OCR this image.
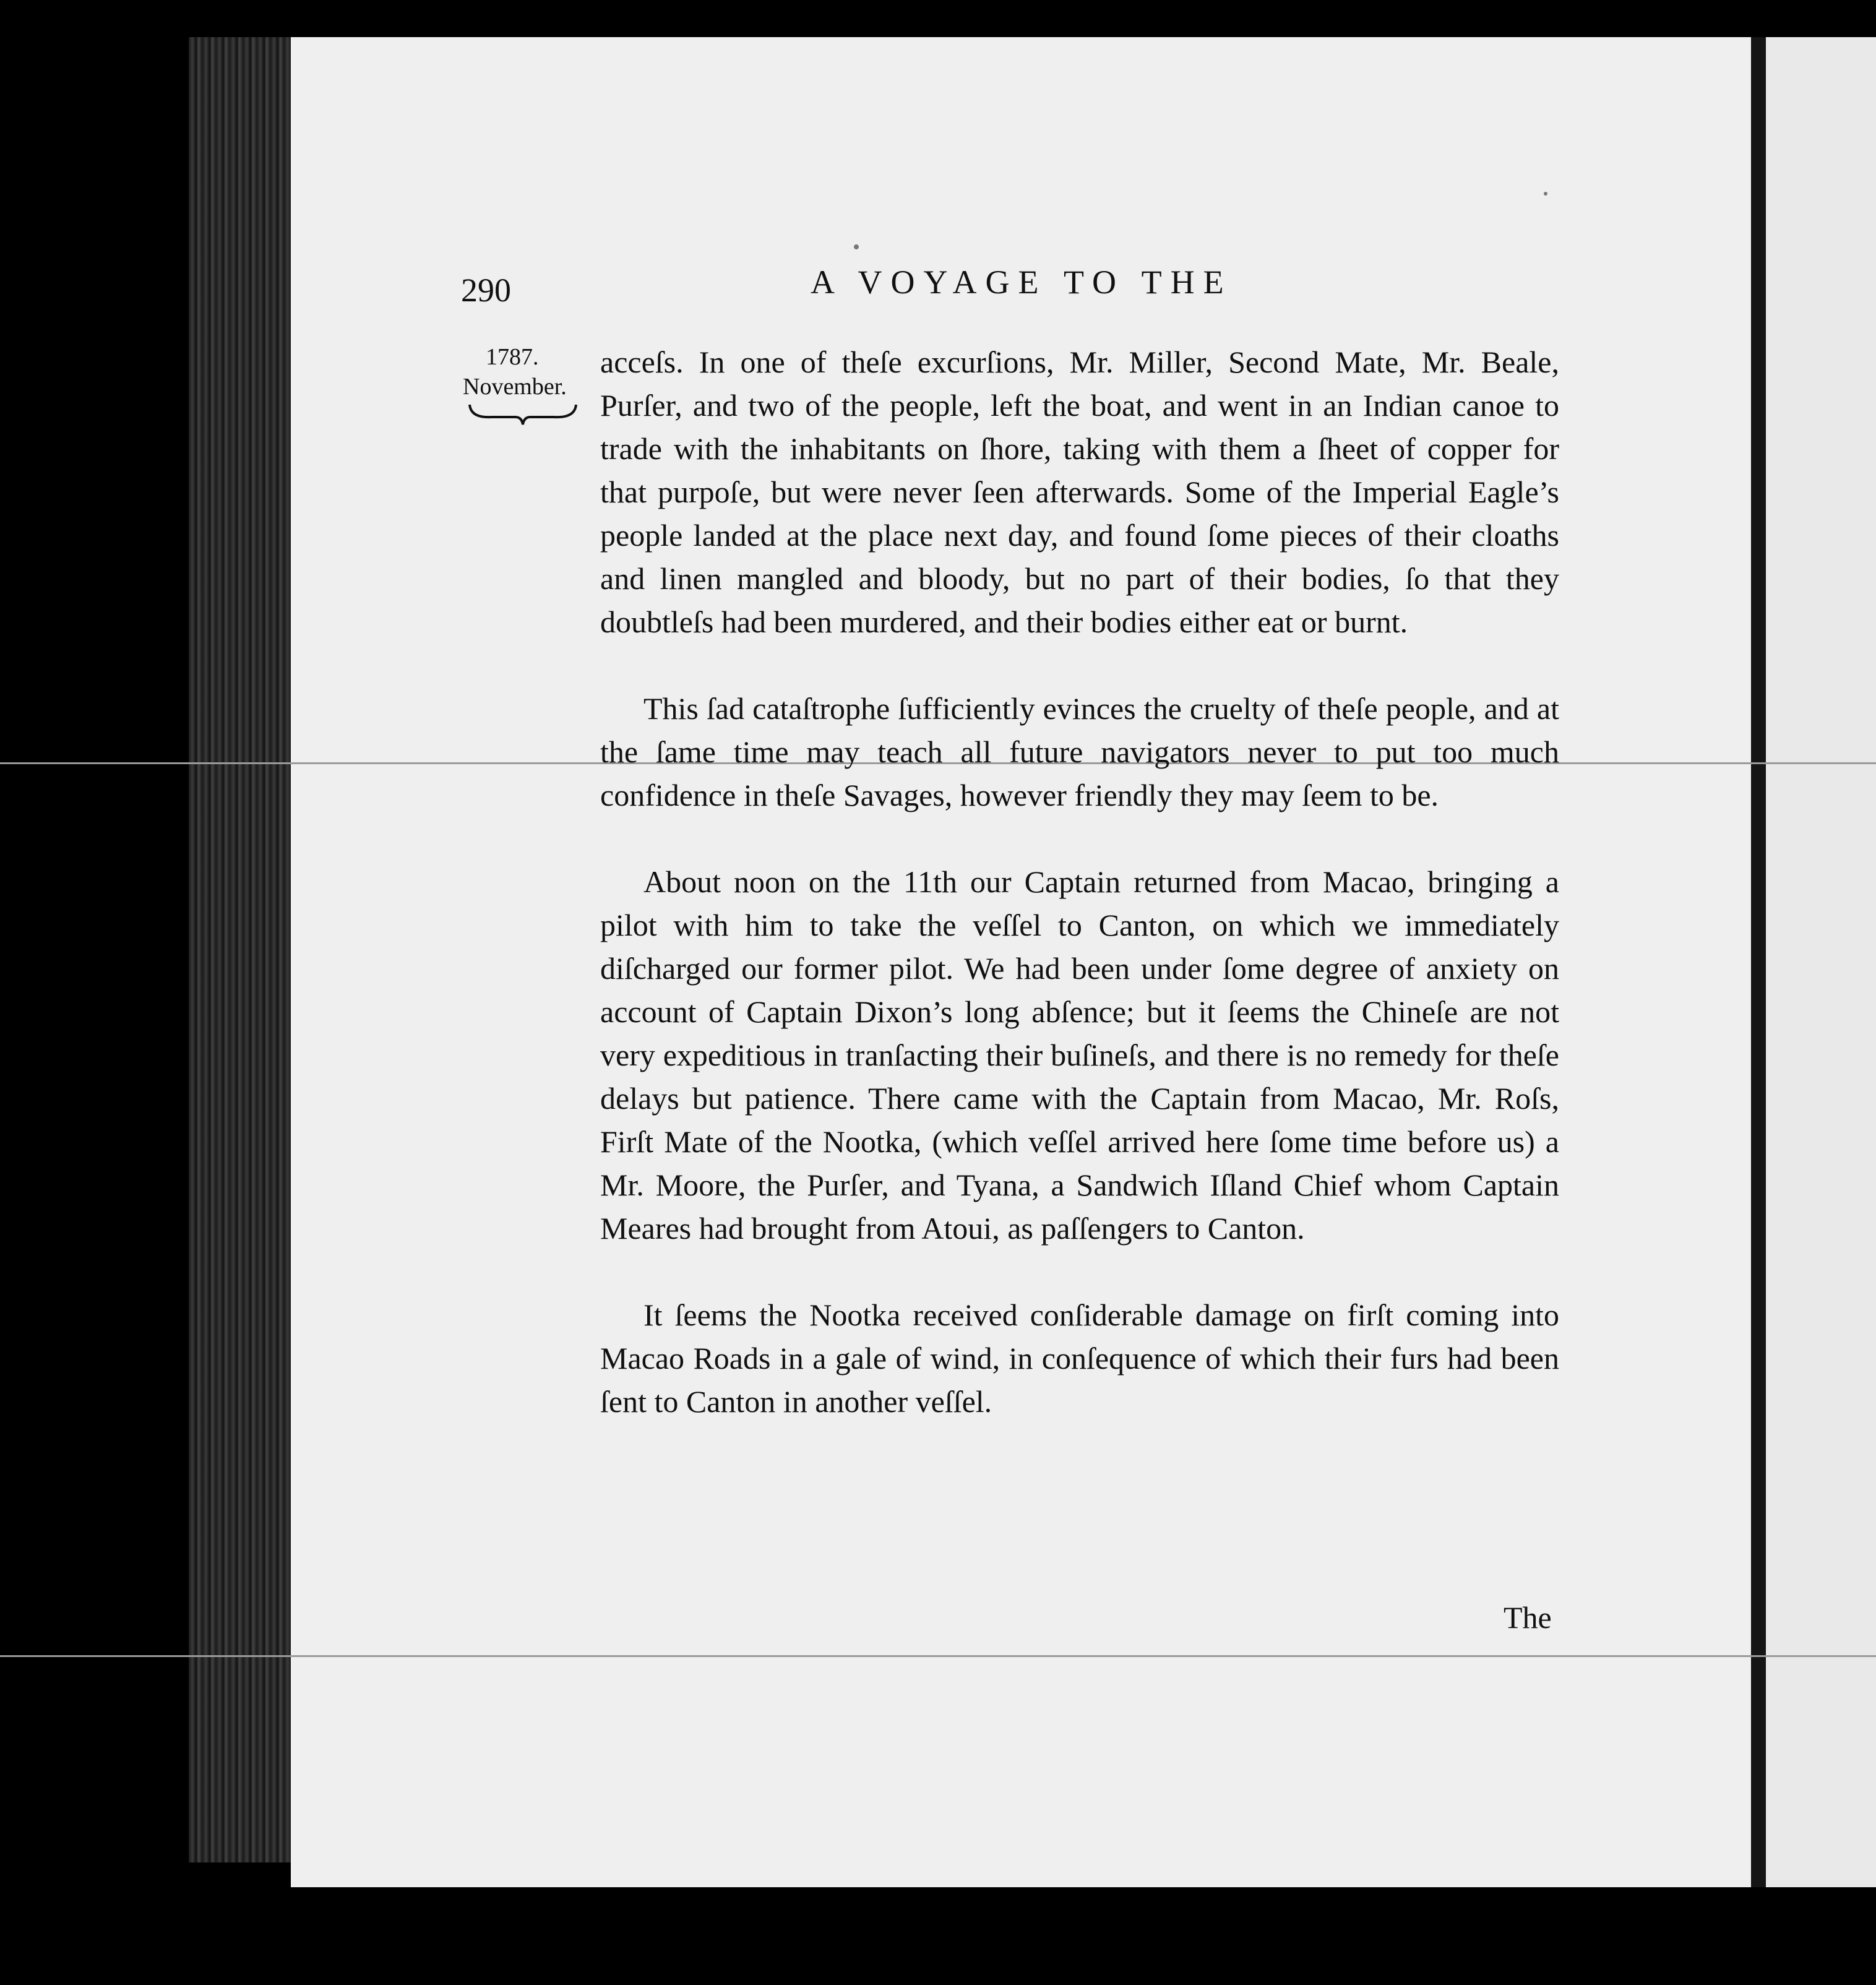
290	A VOYAGE TO THE
1787.
November.

acceſs. In one of theſe excurſions, Mr. Miller, Second Mate, Mr. Beale, Purſer, and two of the people, left the boat, and went in an Indian canoe to trade with the inhabitants on ſhore, taking with them a ſheet of copper for that purpoſe, but were never ſeen afterwards. Some of the Imperial Eagle’s people landed at the place next day, and found ſome pieces of their cloaths and linen mangled and bloody, but no part of their bodies, ſo that they doubtleſs had been murdered, and their bodies either eat or burnt.

This ſad cataſtrophe ſufficiently evinces the cruelty of theſe people, and at the ſame time may teach all future navigators never to put too much confidence in theſe Savages, however friendly they may ſeem to be.

About noon on the 11th our Captain returned from Macao, bringing a pilot with him to take the veſſel to Canton, on which we immediately diſcharged our former pilot. We had been under ſome degree of anxiety on account of Captain Dixon’s long abſence; but it ſeems the Chineſe are not very expeditious in tranſacting their buſineſs, and there is no remedy for theſe delays but patience. There came with the Captain from Macao, Mr. Roſs, Firſt Mate of the Nootka, (which veſſel arrived here ſome time before us) a Mr. Moore, the Purſer, and Tyana, a Sandwich Iſland Chief whom Captain Meares had brought from Atoui, as paſſengers to Canton.

It ſeems the Nootka received conſiderable damage on firſt coming into Macao Roads in a gale of wind, in conſequence of which their furs had been ſent to Canton in another veſſel.

The
